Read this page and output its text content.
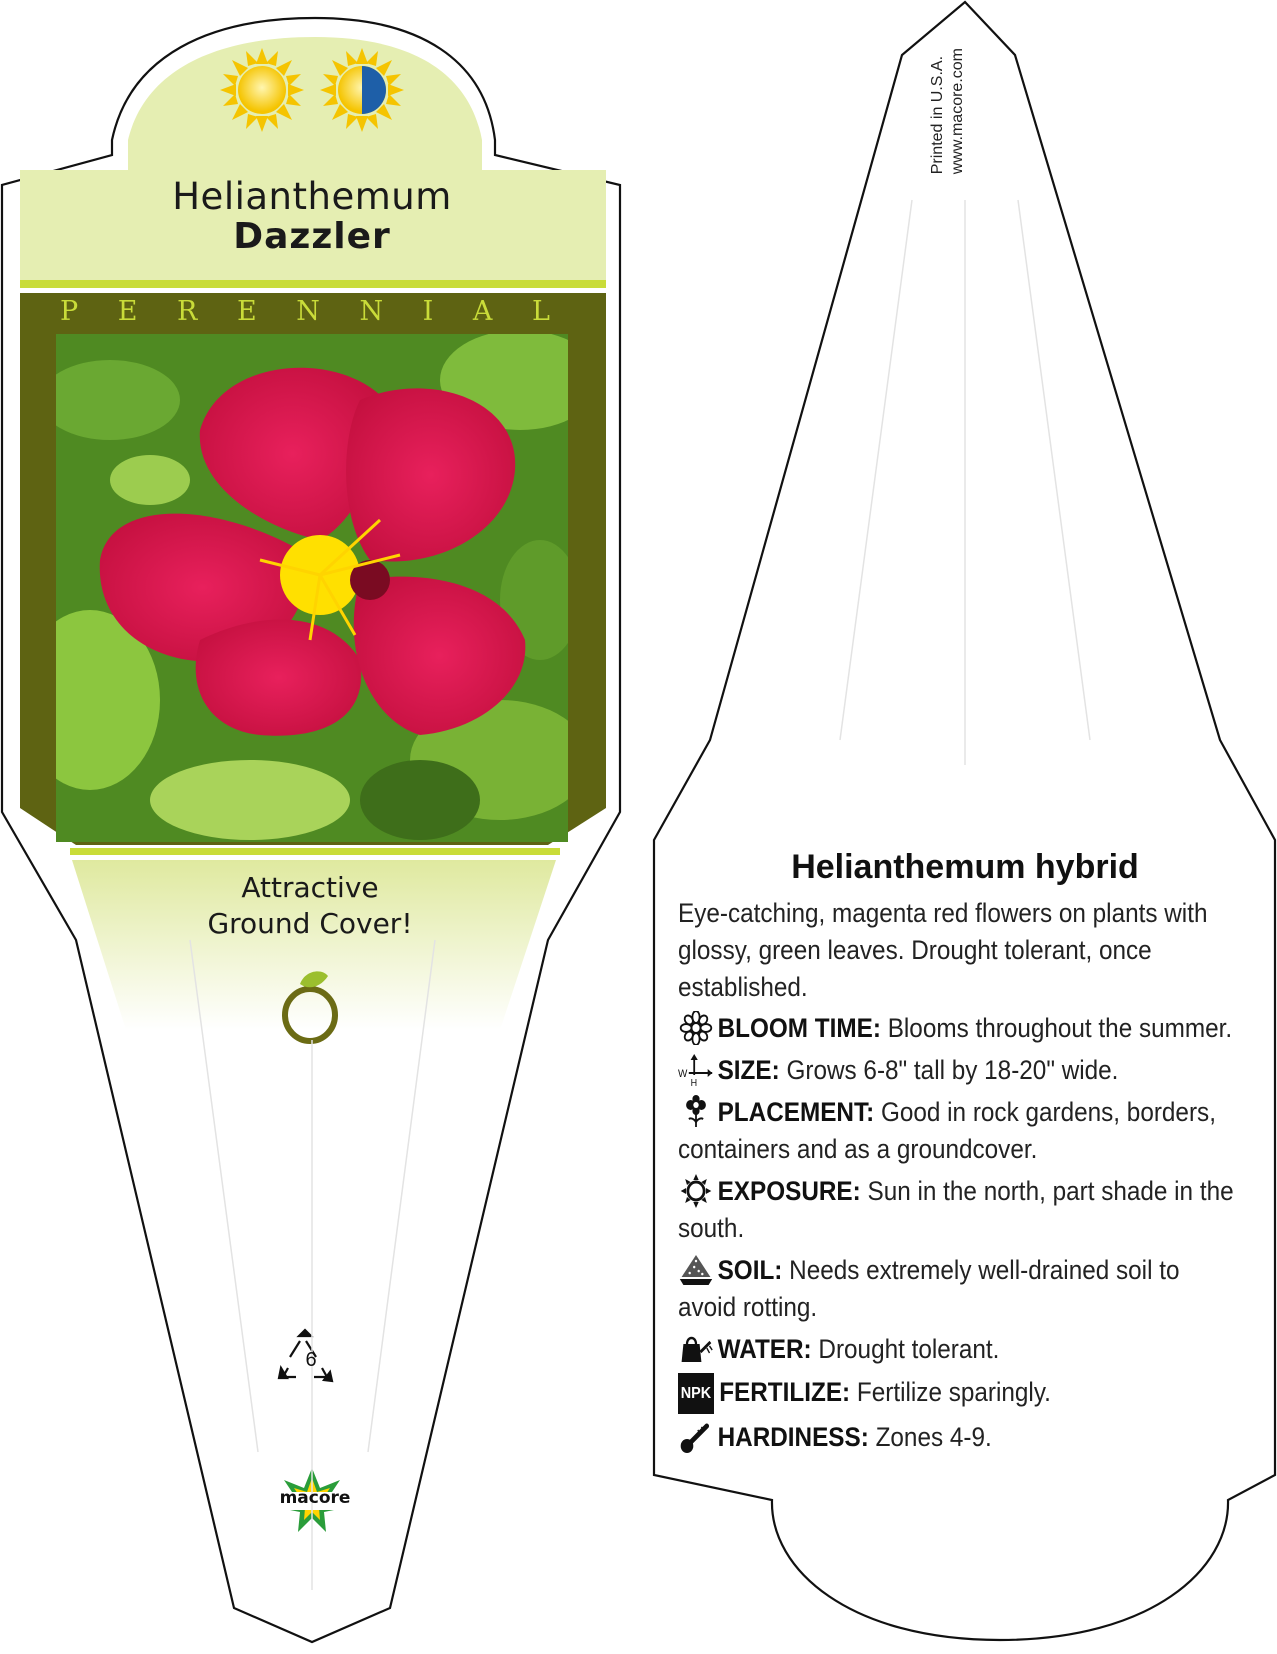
Helianthemum
Dazzler
P E R E N N I A L
Attractive
Ground Cover!
6
macore
Printed in U.S.A. www.macore.com
Helianthemum hybrid

Eye-catching, magenta red flowers on plants with glossy, green leaves. Drought tolerant, once established.

BLOOM TIME: Blooms throughout the summer.
W
H SIZE: Grows 6-8" tall by 18-20" wide.
PLACEMENT: Good in rock gardens, borders, containers and as a groundcover.
EXPOSURE: Sun in the north, part shade in the south.
SOIL: Needs extremely well-drained soil to avoid rotting.
WATER: Drought tolerant.
NPK FERTILIZE: Fertilize sparingly.
HARDINESS: Zones 4-9.
